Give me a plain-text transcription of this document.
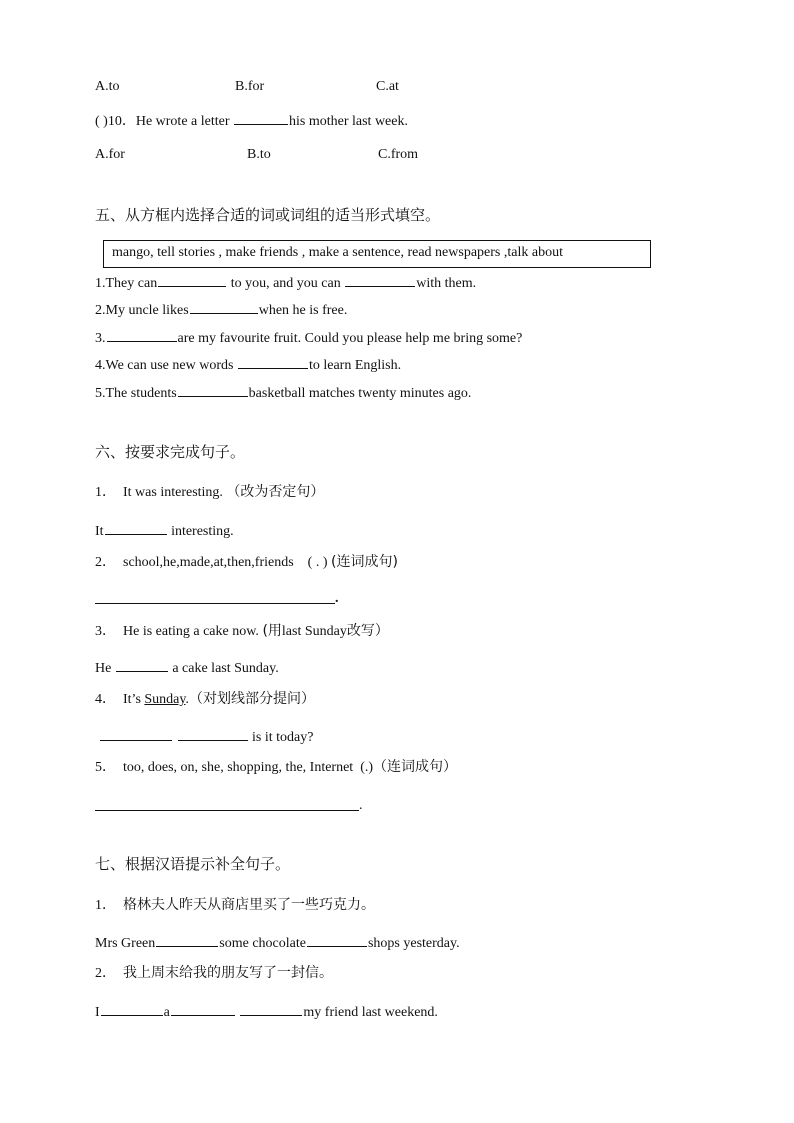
A.to	B.for	C.at
( )10．He wrote a letter	his mother last week.
A.for	B.to	C.from
五、从方框内选择合适的词或词组的适当形式填空。
mango, tell stories , make friends , make a sentence, read newspapers ,talk about
1.They can	to you, and you can	with them.
2.My uncle likes	when he is free.
3.	are my favourite fruit. Could you please help me bring some?
4.We can use new words	to learn English.
5.The students	basketball matches twenty minutes ago.
六、按要求完成句子。
1． It was interesting. （改为否定句）
It	interesting.
2． school,he,made,at,then,friends ( . ) (连词成句)
.
3． He is eating a cake now. (用last Sunday改写）
He	a cake last Sunday.
4． It’s Sunday.（对划线部分提问）
is it today?
5． too, does, on, she, shopping, the, Internet (.)（连词成句）
.
七、根据汉语提示补全句子。
1． 格林夫人昨天从商店里买了一些巧克力。
Mrs Green	some chocolate	shops yesterday.
2． 我上周末给我的朋友写了一封信。
I	a	my friend last weekend.
